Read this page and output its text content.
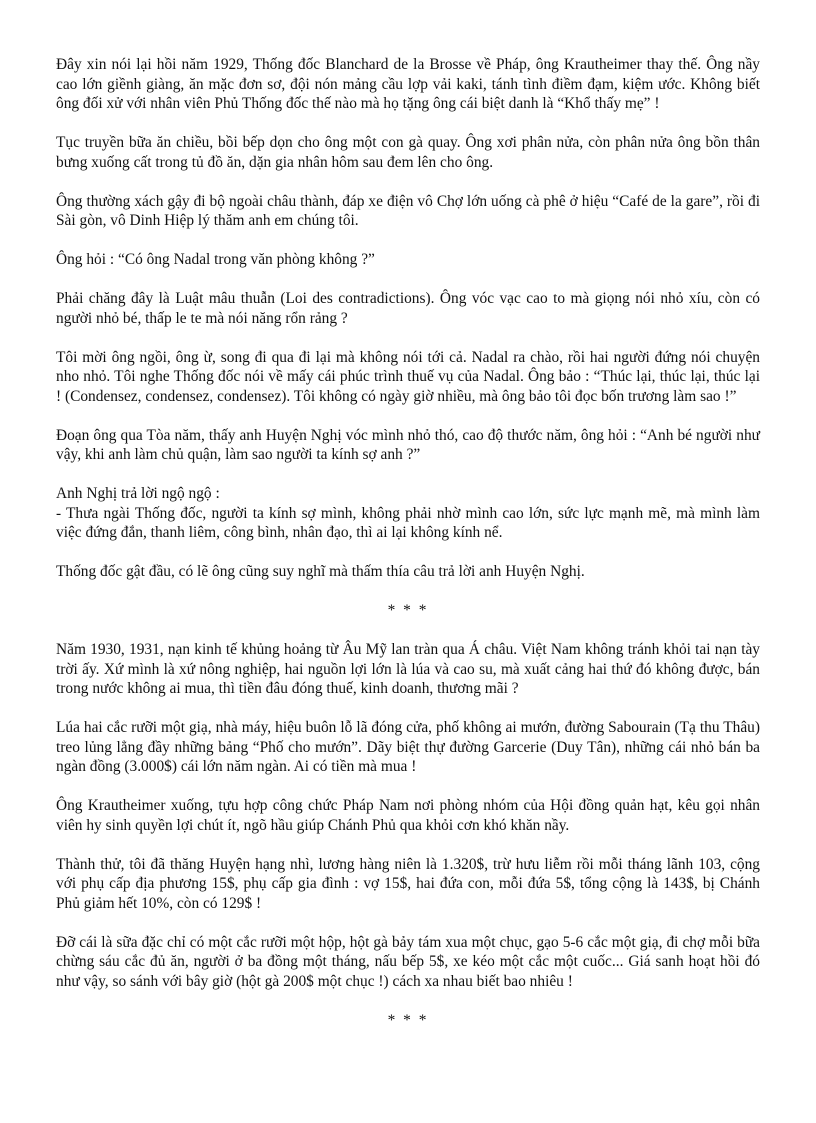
Đây xin nói lại hồi năm 1929, Thống đốc Blanchard de la Brosse về Pháp, ông Krautheimer thay thế. Ông nầy cao lớn giềnh giàng, ăn mặc đơn sơ, đội nón mảng cầu lợp vải kaki, tánh tình điềm đạm, kiệm ước. Không biết ông đối xử với nhân viên Phủ Thống đốc thế nào mà họ tặng ông cái biệt danh là “Khổ thấy mẹ” !

Tục truyền bữa ăn chiều, bồi bếp dọn cho ông một con gà quay. Ông xơi phân nửa, còn phân nửa ông bồn thân bưng xuống cất trong tủ đồ ăn, dặn gia nhân hôm sau đem lên cho ông.

Ông thường xách gậy đi bộ ngoài châu thành, đáp xe điện vô Chợ lớn uống cà phê ở hiệu “Café de la gare”, rồi đi Sài gòn, vô Dinh Hiệp lý thăm anh em chúng tôi.

Ông hỏi : “Có ông Nadal trong văn phòng không ?”

Phải chăng đây là Luật mâu thuẫn (Loi des contradictions). Ông vóc vạc cao to mà giọng nói nhỏ xíu, còn có người nhỏ bé, thấp le te mà nói năng rổn rảng ?

Tôi mời ông ngồi, ông ừ, song đi qua đi lại mà không nói tới cả. Nadal ra chào, rồi hai người đứng nói chuyện nho nhỏ. Tôi nghe Thống đốc nói về mấy cái phúc trình thuế vụ của Nadal. Ông bảo : “Thúc lại, thúc lại, thúc lại ! (Condensez, condensez, condensez). Tôi không có ngày giờ nhiều, mà ông bảo tôi đọc bốn trương làm sao !”

Đoạn ông qua Tòa năm, thấy anh Huyện Nghị vóc mình nhỏ thó, cao độ thước năm, ông hỏi : “Anh bé người như vậy, khi anh làm chủ quận, làm sao người ta kính sợ anh ?”

Anh Nghị trả lời ngộ ngộ :

- Thưa ngài Thống đốc, người ta kính sợ mình, không phải nhờ mình cao lớn, sức lực mạnh mẽ, mà mình làm việc đứng đắn, thanh liêm, công bình, nhân đạo, thì ai lại không kính nể.

Thống đốc gật đầu, có lẽ ông cũng suy nghĩ mà thấm thía câu trả lời anh Huyện Nghị.

* * *

Năm 1930, 1931, nạn kinh tế khủng hoảng từ Âu Mỹ lan tràn qua Á châu. Việt Nam không tránh khỏi tai nạn tày trời ấy. Xứ mình là xứ nông nghiệp, hai nguồn lợi lớn là lúa và cao su, mà xuất cảng hai thứ đó không được, bán trong nước không ai mua, thì tiền đâu đóng thuế, kinh doanh, thương mãi ?

Lúa hai cắc rưỡi một giạ, nhà máy, hiệu buôn lỗ lã đóng cửa, phố không ai mướn, đường Sabourain (Tạ thu Thâu) treo lủng lẳng đầy những bảng “Phố cho mướn”. Dãy biệt thự đường Garcerie (Duy Tân), những cái nhỏ bán ba ngàn đồng (3.000$) cái lớn năm ngàn. Ai có tiền mà mua !

Ông Krautheimer xuống, tựu hợp công chức Pháp Nam nơi phòng nhóm của Hội đồng quản hạt, kêu gọi nhân viên hy sinh quyền lợi chút ít, ngõ hầu giúp Chánh Phủ qua khỏi cơn khó khăn nầy.

Thành thử, tôi đã thăng Huyện hạng nhì, lương hàng niên là 1.320$, trừ hưu liễm rồi mỗi tháng lãnh 103, cộng với phụ cấp địa phương 15$, phụ cấp gia đình : vợ 15$, hai đứa con, mỗi đứa 5$, tổng cộng là 143$, bị Chánh Phủ giảm hết 10%, còn có 129$ !

Đỡ cái là sữa đặc chỉ có một cắc rưỡi một hộp, hột gà bảy tám xua một chục, gạo 5-6 cắc một giạ, đi chợ mỗi bữa chừng sáu cắc đủ ăn, người ở ba đồng một tháng, nấu bếp 5$, xe kéo một cắc một cuốc... Giá sanh hoạt hồi đó như vậy, so sánh với bây giờ (hột gà 200$ một chục !) cách xa nhau biết bao nhiêu !

* * *
